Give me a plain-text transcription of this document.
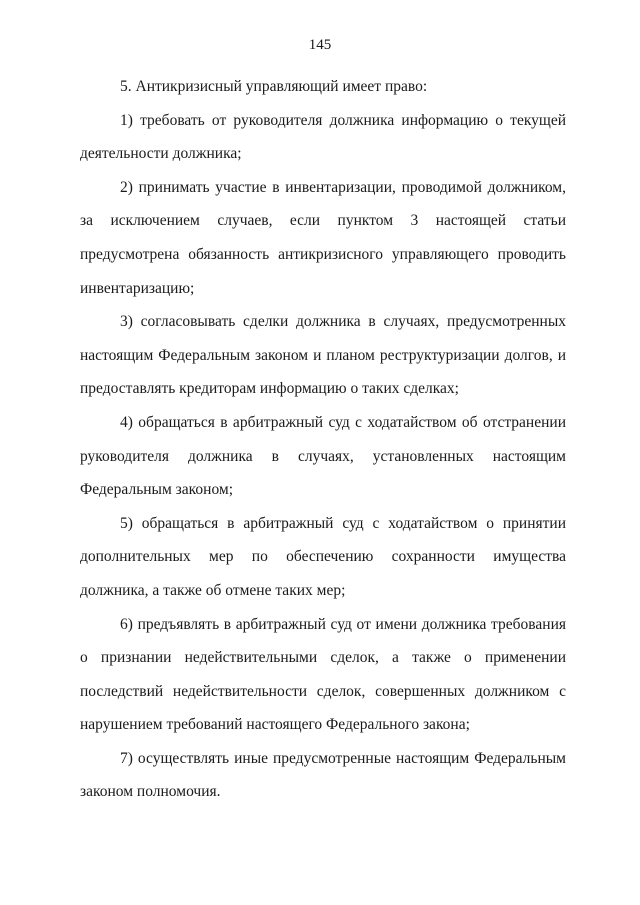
145

5. Антикризисный управляющий имеет право:

1) требовать от руководителя должника информацию о текущей деятельности должника;

2) принимать участие в инвентаризации, проводимой должником, за исключением случаев, если пунктом 3 настоящей статьи предусмотрена обязанность антикризисного управляющего проводить инвентаризацию;

3) согласовывать сделки должника в случаях, предусмотренных настоящим Федеральным законом и планом реструктуризации долгов, и предоставлять кредиторам информацию о таких сделках;

4) обращаться в арбитражный суд с ходатайством об отстранении руководителя должника в случаях, установленных настоящим Федеральным законом;

5) обращаться в арбитражный суд с ходатайством о принятии дополнительных мер по обеспечению сохранности имущества должника, а также об отмене таких мер;

6) предъявлять в арбитражный суд от имени должника требования о признании недействительными сделок, а также о применении последствий недействительности сделок, совершенных должником с нарушением требований настоящего Федерального закона;

7) осуществлять иные предусмотренные настоящим Федеральным законом полномочия.
